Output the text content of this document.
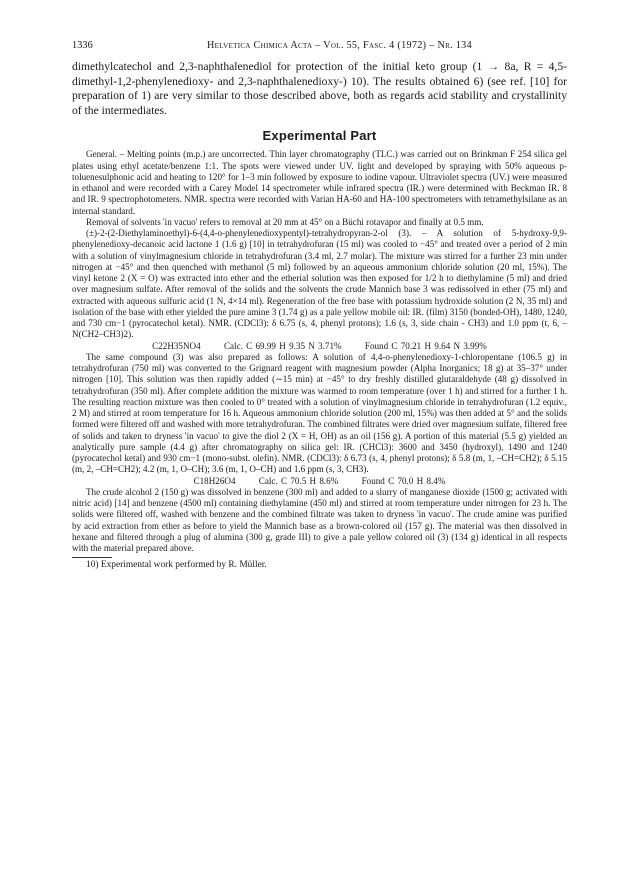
1336	Helvetica Chimica Acta – Vol. 55, Fasc. 4 (1972) – Nr. 134

dimethylcatechol and 2,3-naphthalenediol for protection of the initial keto group (1 → 8a, R = 4,5-dimethyl-1,2-phenylenedioxy- and 2,3-naphthalenedioxy-) 10). The results obtained 6) (see ref. [10] for preparation of 1) are very similar to those described above, both as regards acid stability and crystallinity of the intermediates.

Experimental Part

General. – Melting points (m.p.) are uncorrected. Thin layer chromatography (TLC.) was carried out on Brinkman F 254 silica gel plates using ethyl acetate/benzene 1:1. The spots were viewed under UV. light and developed by spraying with 50% aqueous p-toluenesulphonic acid and heating to 120° for 1–3 min followed by exposure to iodine vapour. Ultraviolet spectra (UV.) were measured in ethanol and were recorded with a Carey Model 14 spectrometer while infrared spectra (IR.) were determined with Beckman IR. 8 and IR. 9 spectrophotometers. NMR. spectra were recorded with Varian HA-60 and HA-100 spectrometers with tetramethylsilane as an internal standard.

Removal of solvents 'in vacuo' refers to removal at 20 mm at 45° on a Büchi rotavapor and finally at 0.5 mm.

(±)-2-(2-Diethylaminoethyl)-6-(4,4-o-phenylenedioxypentyl)-tetrahydropyran-2-ol (3). – A solution of 5-hydroxy-9,9-phenylenedioxy-decanoic acid lactone 1 (1.6 g) [10] in tetrahydrofuran (15 ml) was cooled to −45° and treated over a period of 2 min with a solution of vinylmagnesium chloride in tetrahydrofuran (3.4 ml, 2.7 molar). The mixture was stirred for a further 23 min under nitrogen at −45° and then quenched with methanol (5 ml) followed by an aqueous ammonium chloride solution (20 ml, 15%). The vinyl ketone 2 (X = O) was extracted into ether and the etherial solution was then exposed for 1/2 h to diethylamine (5 ml) and dried over magnesium sulfate. After removal of the solids and the solvents the crude Mannich base 3 was redissolved in ether (75 ml) and extracted with aqueous sulfuric acid (1 N, 4×14 ml). Regeneration of the free base with potassium hydroxide solution (2 N, 35 ml) and isolation of the base with ether yielded the pure amine 3 (1.74 g) as a pale yellow mobile oil: IR. (film) 3150 (bonded-OH), 1480, 1240, and 730 cm−1 (pyrocatechol ketal). NMR. (CDCl3): δ 6.75 (s, 4, phenyl protons); 1.6 (s, 3, side chain - CH3) and 1.0 ppm (t, 6, –N(CH2–CH3)2).

C22H35NO4	Calc. C 69.99 H 9.35 N 3.71%	Found C 70.21 H 9.64 N 3.99%

The same compound (3) was also prepared as follows: A solution of 4,4-o-phenylenedioxy-1-chloropentane (106.5 g) in tetrahydrofuran (750 ml) was converted to the Grignard reagent with magnesium powder (Alpha Inorganics; 18 g) at 35–37° under nitrogen [10]. This solution was then rapidly added (∼15 min) at −45° to dry freshly distilled glutaraldehyde (48 g) dissolved in tetrahydrofuran (350 ml). After complete addition the mixture was warmed to room temperature (over 1 h) and stirred for a further 1 h. The resulting reaction mixture was then cooled to 0° treated with a solution of vinylmagnesium chloride in tetrahydrofuran (1.2 equiv., 2 M) and stirred at room temperature for 16 h. Aqueous ammonium chloride solution (200 ml, 15%) was then added at 5° and the solids formed were filtered off and washed with more tetrahydrofuran. The combined filtrates were dried over magnesium sulfate, filtered free of solids and taken to dryness 'in vacuo' to give the diol 2 (X = H, OH) as an oil (156 g). A portion of this material (5.5 g) yielded an analytically pure sample (4.4 g) after chromatography on silica gel: IR. (CHCl3): 3600 and 3450 (hydroxyl), 1490 and 1240 (pyrocatechol ketal) and 930 cm−1 (mono-subst. olefin). NMR. (CDCl3): δ 6.73 (s, 4, phenyl protons); δ 5.8 (m, 1, –CH=CH2); δ 5.15 (m, 2, –CH=CH2); 4.2 (m, 1, O–CH); 3.6 (m, 1, O–CH) and 1.6 ppm (s, 3, CH3).

C18H26O4	Calc. C 70.5 H 8.6%	Found C 70.0 H 8.4%

The crude alcohol 2 (150 g) was dissolved in benzene (300 ml) and added to a slurry of manganese dioxide (1500 g; activated with nitric acid) [14] and benzene (4500 ml) containing diethylamine (450 ml) and stirred at room temperature under nitrogen for 23 h. The solids were filtered off, washed with benzene and the combined filtrate was taken to dryness 'in vacuo'. The crude amine was purified by acid extraction from ether as before to yield the Mannich base as a brown-colored oil (157 g). The material was then dissolved in hexane and filtered through a plug of alumina (300 g, grade III) to give a pale yellow colored oil (3) (134 g) identical in all respects with the material prepared above.

10) Experimental work performed by R. Müller.
